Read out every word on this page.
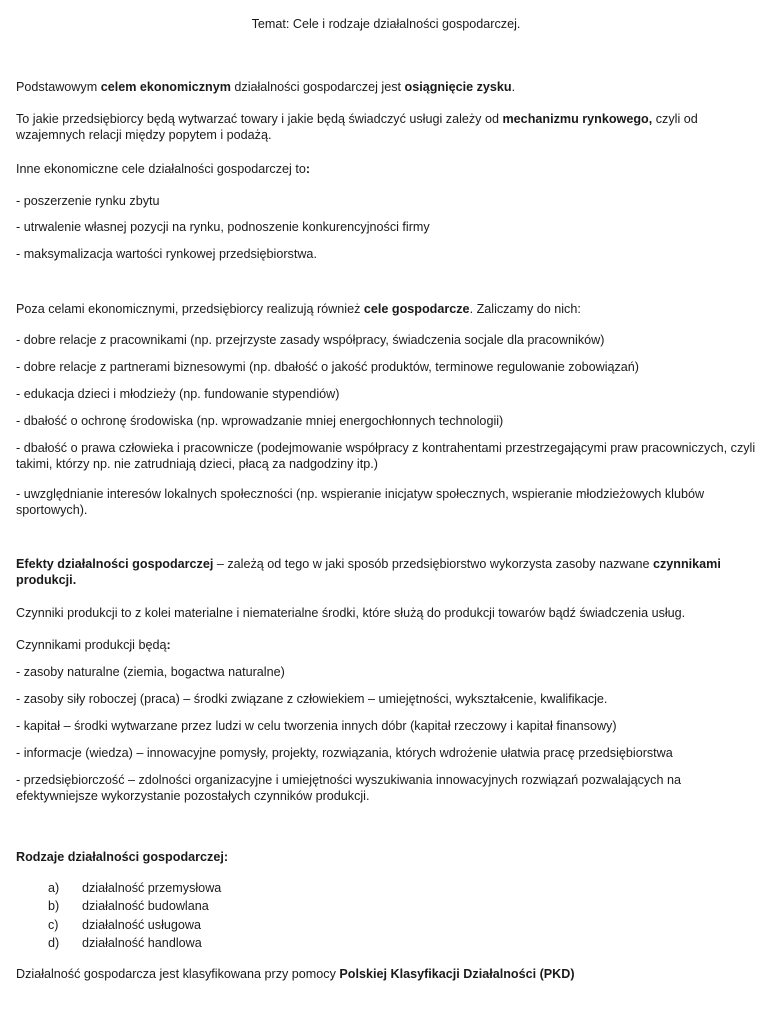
Temat: Cele i rodzaje działalności gospodarczej.

Podstawowym celem ekonomicznym działalności gospodarczej jest osiągnięcie zysku.

To jakie przedsiębiorcy będą wytwarzać towary i jakie będą świadczyć usługi zależy od mechanizmu rynkowego, czyli od wzajemnych relacji między popytem i podażą.

Inne ekonomiczne cele działalności gospodarczej to:

- poszerzenie rynku zbytu

- utrwalenie własnej pozycji na rynku, podnoszenie konkurencyjności firmy

- maksymalizacja wartości rynkowej przedsiębiorstwa.

Poza celami ekonomicznymi, przedsiębiorcy realizują również cele gospodarcze. Zaliczamy do nich:

- dobre relacje z pracownikami (np. przejrzyste zasady współpracy, świadczenia socjale dla pracowników)

- dobre relacje z partnerami biznesowymi (np. dbałość o jakość produktów, terminowe regulowanie zobowiązań)

- edukacja dzieci i młodzieży (np. fundowanie stypendiów)

- dbałość o ochronę środowiska (np. wprowadzanie mniej energochłonnych technologii)

- dbałość o prawa człowieka i pracownicze (podejmowanie współpracy z kontrahentami przestrzegającymi praw pracowniczych, czyli takimi, którzy np. nie zatrudniają dzieci, płacą za nadgodziny itp.)

- uwzględnianie interesów lokalnych społeczności (np. wspieranie inicjatyw społecznych, wspieranie młodzieżowych klubów sportowych).

Efekty działalności gospodarczej – zależą od tego w jaki sposób przedsiębiorstwo wykorzysta zasoby nazwane czynnikami produkcji.

Czynniki produkcji to z kolei materialne i niematerialne środki, które służą do produkcji towarów bądź świadczenia usług.

Czynnikami produkcji będą:

- zasoby naturalne (ziemia, bogactwa naturalne)

- zasoby siły roboczej (praca) – środki związane z człowiekiem – umiejętności, wykształcenie, kwalifikacje.

- kapitał – środki wytwarzane przez ludzi w celu tworzenia innych dóbr (kapitał rzeczowy i kapitał finansowy)

- informacje (wiedza) – innowacyjne pomysły, projekty, rozwiązania, których wdrożenie ułatwia pracę przedsiębiorstwa

- przedsiębiorczość – zdolności organizacyjne i umiejętności wyszukiwania innowacyjnych rozwiązań pozwalających na efektywniejsze wykorzystanie pozostałych czynników produkcji.

Rodzaje działalności gospodarczej:

a) działalność przemysłowa
b) działalność budowlana
c) działalność usługowa
d) działalność handlowa

Działalność gospodarcza jest klasyfikowana przy pomocy Polskiej Klasyfikacji Działalności (PKD)
